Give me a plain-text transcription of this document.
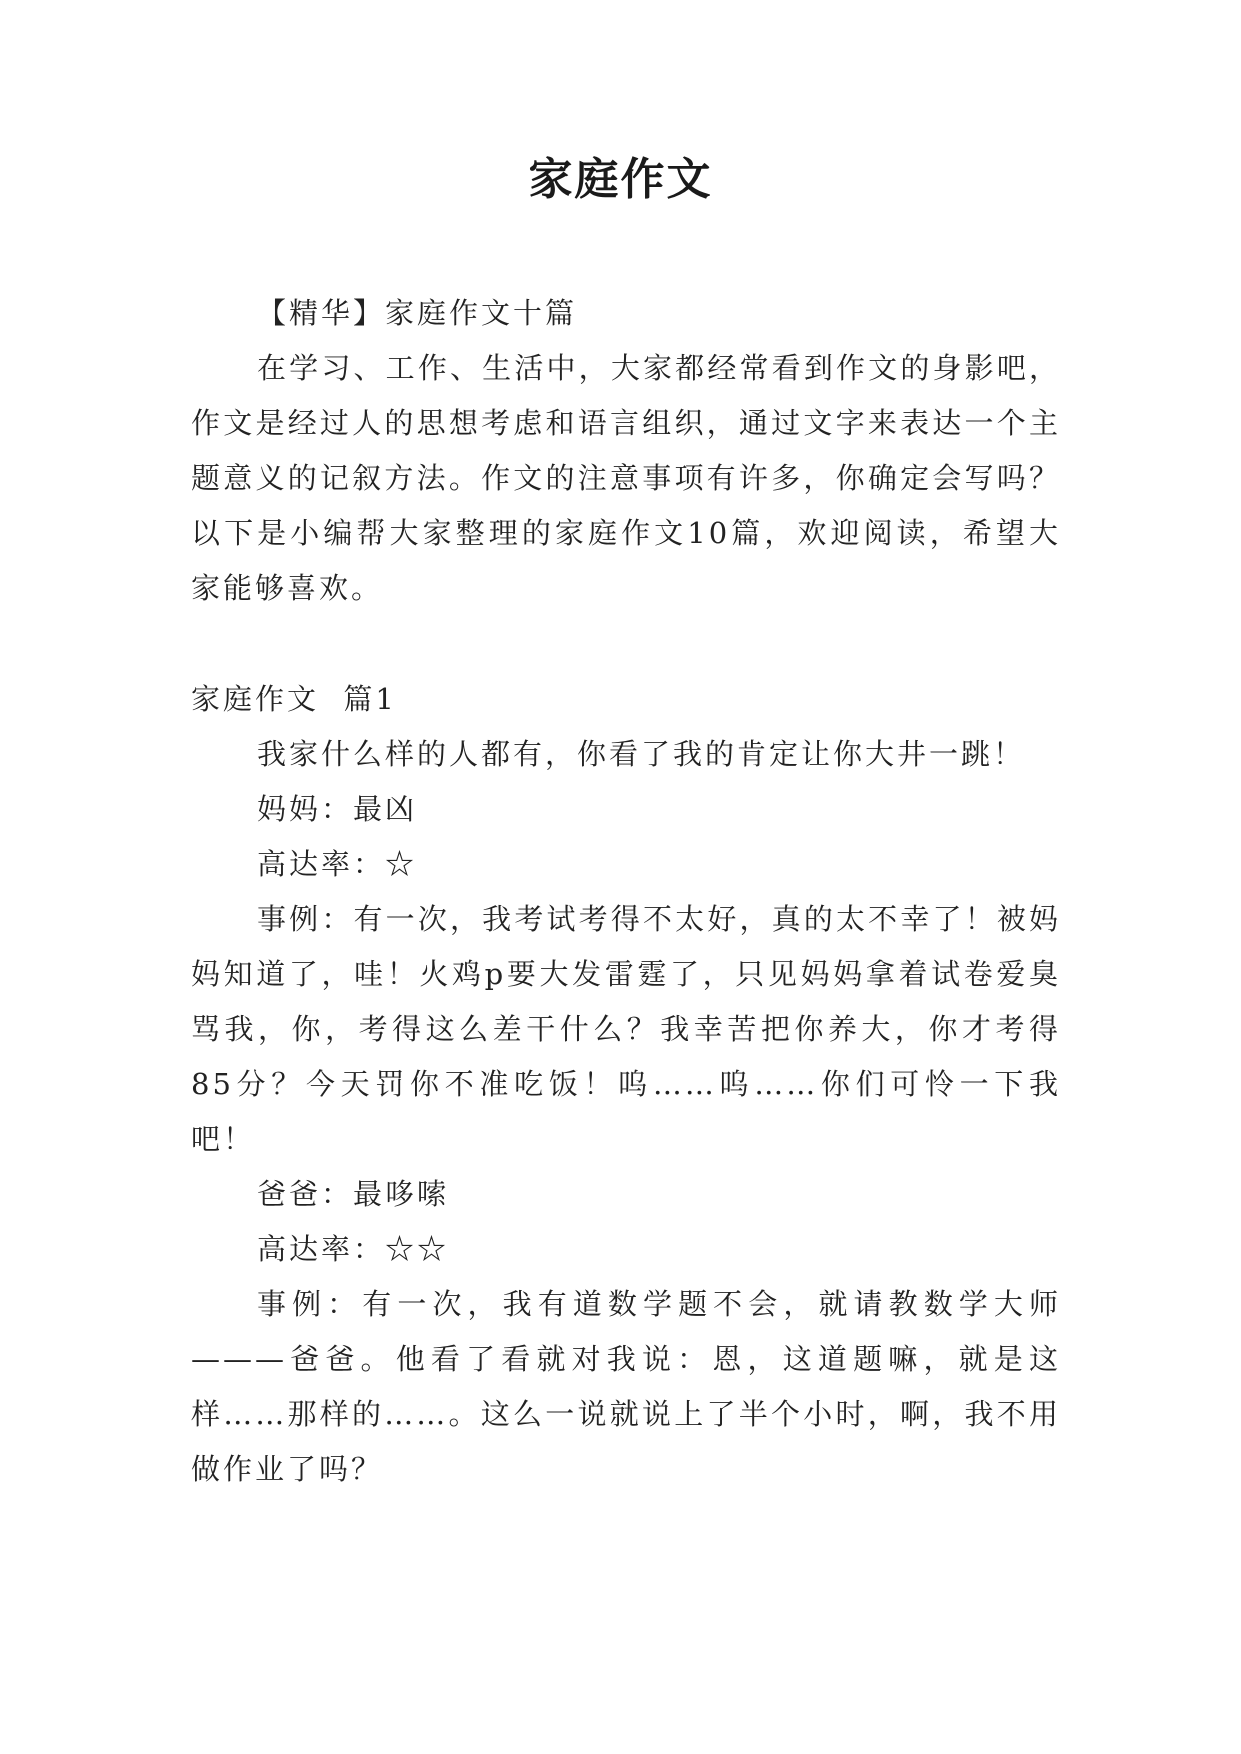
家庭作文

【精华】家庭作文十篇

在学习、工作、生活中，大家都经常看到作文的身影吧，作文是经过人的思想考虑和语言组织，通过文字来表达一个主题意义的记叙方法。作文的注意事项有许多，你确定会写吗？以下是小编帮大家整理的家庭作文10篇，欢迎阅读，希望大家能够喜欢。

家庭作文  篇1

我家什么样的人都有，你看了我的肯定让你大井一跳！

妈妈：最凶

高达率：☆

事例：有一次，我考试考得不太好，真的太不幸了！被妈妈知道了，哇！火鸡p要大发雷霆了，只见妈妈拿着试卷爱臭骂我，你，考得这么差干什么？我幸苦把你养大，你才考得85分？今天罚你不准吃饭！呜……呜……你们可怜一下我吧！

爸爸：最哆嗦

高达率：☆☆

事例：有一次，我有道数学题不会，就请教数学大师———爸爸。他看了看就对我说：恩，这道题嘛，就是这样……那样的……。这么一说就说上了半个小时，啊，我不用做作业了吗？
